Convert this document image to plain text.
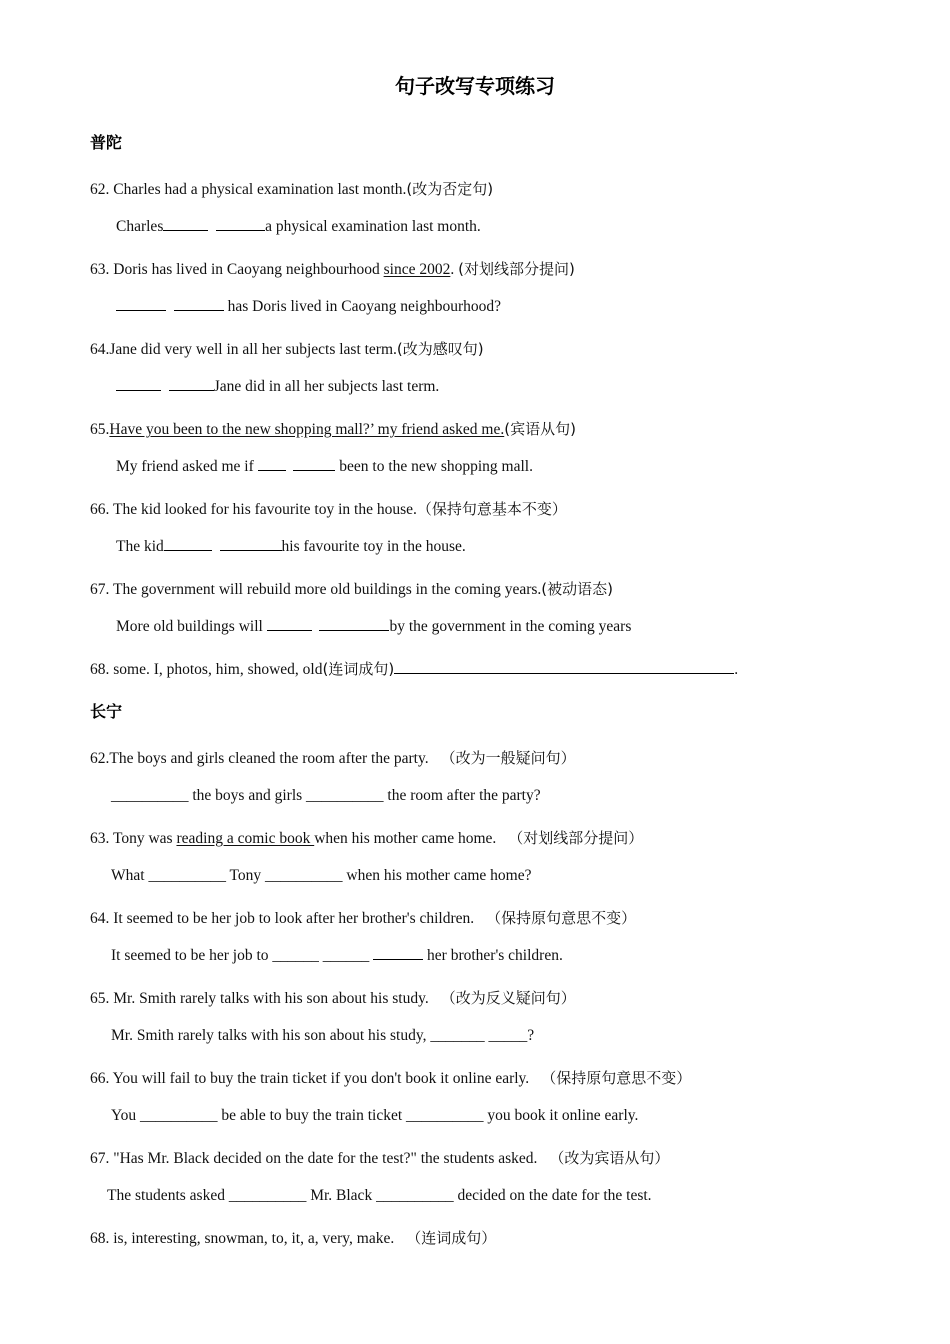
句子改写专项练习
普陀
62. Charles had a physical examination last month.(改为否定句)
Charles	a physical examination last month.
63. Doris has lived in Caoyang neighbourhood since 2002. (对划线部分提问)
has Doris lived in Caoyang neighbourhood?
64.Jane did very well in all her subjects last term.(改为感叹句)
Jane did in all her subjects last term.
65.Have you been to the new shopping mall?’ my friend asked me.(宾语从句)
My friend asked me if	been to the new shopping mall.
66. The kid looked for his favourite toy in the house.（保持句意基本不变）
The kid	his favourite toy in the house.
67. The government will rebuild more old buildings in the coming years.(被动语态)
More old buildings will	by the government in the coming years
68. some. I, photos, him, showed, old(连词成句)	.
长宁
62.The boys and girls cleaned the room after the party. （改为一般疑问句）
__________ the boys and girls __________ the room after the party?
63. Tony was reading a comic book when his mother came home. （对划线部分提问）
What __________ Tony __________ when his mother came home?
64. It seemed to be her job to look after her brother's children. （保持原句意思不变）
It seemed to be her job to ______ ______	her brother's children.
65. Mr. Smith rarely talks with his son about his study. （改为反义疑问句）
Mr. Smith rarely talks with his son about his study, _______ _____?
66. You will fail to buy the train ticket if you don't book it online early. （保持原句意思不变）
You __________ be able to buy the train ticket __________ you book it online early.
67. "Has Mr. Black decided on the date for the test?" the students asked. （改为宾语从句）
The students asked __________ Mr. Black __________ decided on the date for the test.
68. is, interesting, snowman, to, it, a, very, make. （连词成句）
